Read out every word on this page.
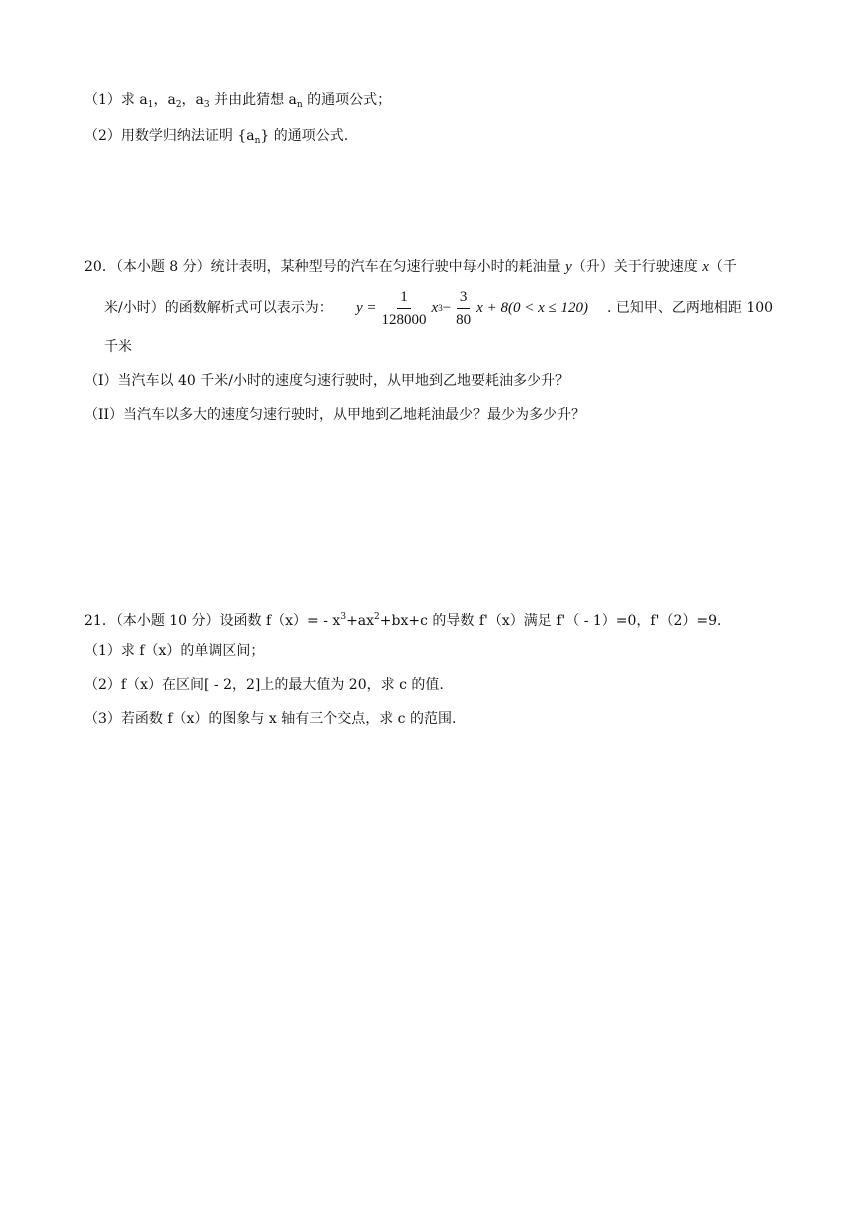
（1）求 $a_1$，$a_2$，$a_3$ 并由此猜想 $a_n$ 的通项公式；
（2）用数学归纳法证明 $\{a_n\}$ 的通项公式.
20．（本小题 8 分）统计表明，某种型号的汽车在匀速行驶中每小时的耗油量 y（升）关于行驶速度 x（千
米/小时）的函数解析式可以表示为： $y = \frac{1}{128000}$ x $3 - \frac{3}{80}$ x + 8(0 < x ≤ 120) . 已知甲、乙两地相距 100
千米
（Ⅰ）当汽车以 40 千米/小时的速度匀速行驶时，从甲地到乙地要耗油多少升？
（II）当汽车以多大的速度匀速行驶时，从甲地到乙地耗油最少？最少为多少升？
21．（本小题 10 分）设函数 $f(x)= - x^3+ax^2+bx+c$ 的导数 f'（x）满足 f'（ - 1）=0，f'（2）=9.
（1）求 f（x）的单调区间；
（2）f（x）在区间[ - 2，2]上的最大值为 20，求 c 的值.
（3）若函数 f（x）的图象与 x 轴有三个交点，求 c 的范围.
